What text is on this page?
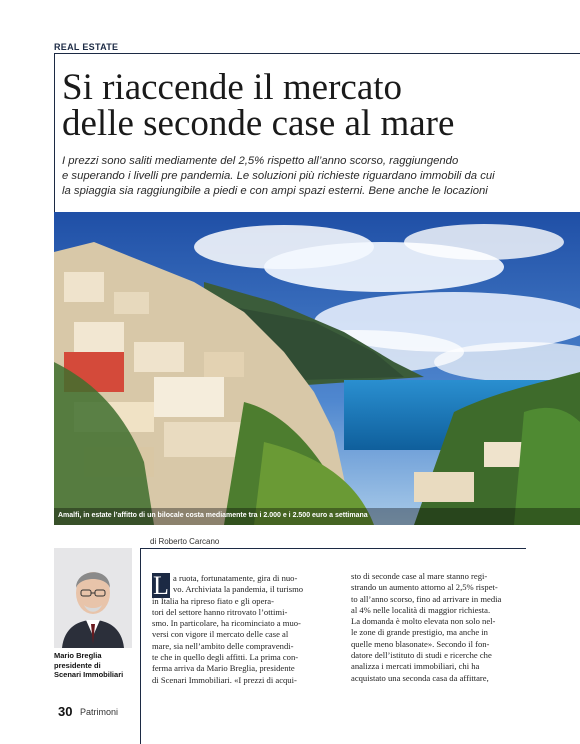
REAL ESTATE
Si riaccende il mercato
delle seconde case al mare

I prezzi sono saliti mediamente del 2,5% rispetto all’anno scorso, raggiungendo
e superando i livelli pre pandemia. Le soluzioni più richieste riguardano immobili da cui
la spiaggia sia raggiungibile a piedi e con ampi spazi esterni. Bene anche le locazioni

Amalfi, in estate l’affitto di un bilocale costa mediamente tra i 2.000 e i 2.500 euro a settimana
di Roberto Carcano
Mario Breglia
presidente di
Scenari Immobiliari
L a ruota, fortunatamente, gira di nuo-
vo. Archiviata la pandemia, il turismo
in Italia ha ripreso fiato e gli opera-
tori del settore hanno ritrovato l’ottimi-
smo. In particolare, ha ricominciato a muo-
versi con vigore il mercato delle case al
mare, sia nell’ambito delle compravendi-
te che in quello degli affitti. La prima con-
ferma arriva da Mario Breglia, presidente
di Scenari Immobiliari. «I prezzi di acqui-
sto di seconde case al mare stanno regi-
strando un aumento attorno al 2,5% rispet-
to all’anno scorso, fino ad arrivare in media
al 4% nelle località di maggior richiesta.
La domanda è molto elevata non solo nel-
le zone di grande prestigio, ma anche in
quelle meno blasonate». Secondo il fon-
datore dell’istituto di studi e ricerche che
analizza i mercati immobiliari, chi ha
acquistato una seconda casa da affittare,
30 Patrimoni
